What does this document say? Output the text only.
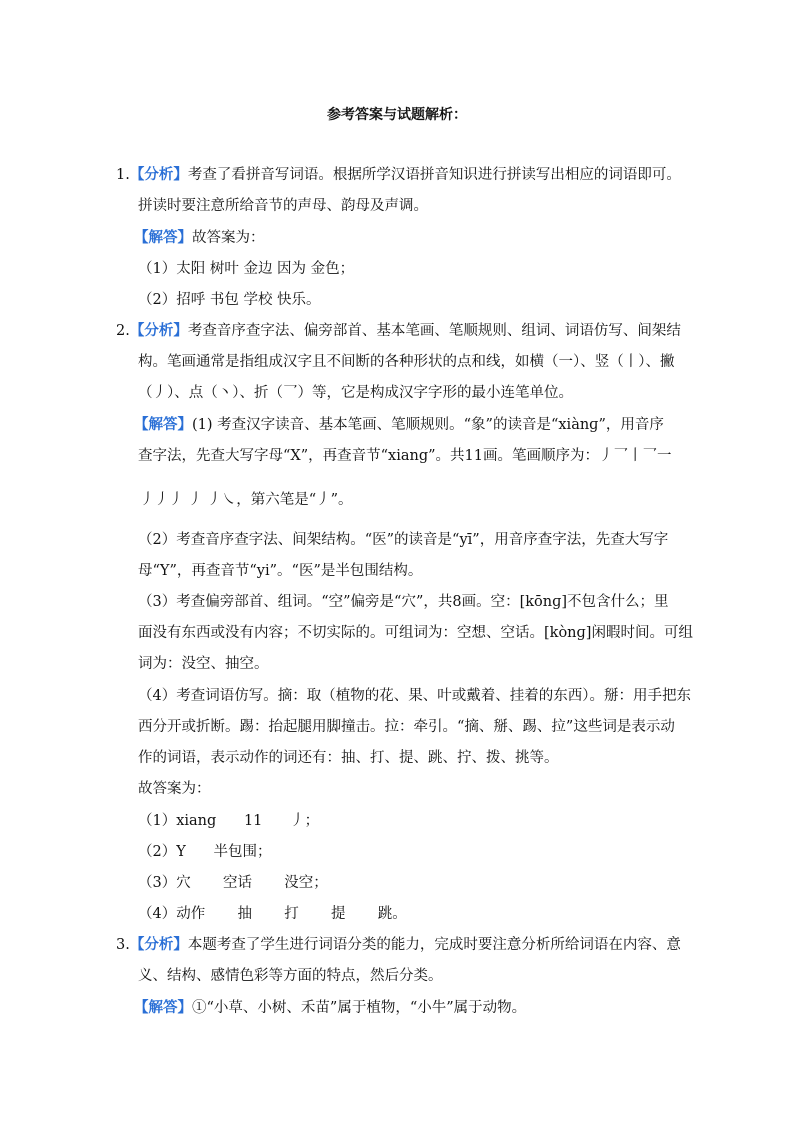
参考答案与试题解析：
1.【分析】考查了看拼音写词语。根据所学汉语拼音知识进行拼读写出相应的词语即可。
拼读时要注意所给音节的声母、韵母及声调。
【解答】故答案为：
（1）太阳 树叶 金边 因为 金色；
（2）招呼 书包 学校 快乐。
2.【分析】考查音序查字法、偏旁部首、基本笔画、笔顺规则、组词、词语仿写、间架结
构。笔画通常是指组成汉字且不间断的各种形状的点和线，如横（一）、竖（丨）、撇
（丿）、点（丶）、折（乛）等，它是构成汉字字形的最小连笔单位。
【解答】(1) 考查汉字读音、基本笔画、笔顺规则。“象”的读音是“xiànɡ”，用音序
查字法，先查大写字母“X”，再查音节“xiang”。共11画。笔画顺序为：丿乛丨乛一
丿丿丿 丿 丿㇏，第六笔是“丿”。
（2）考查音序查字法、间架结构。“医”的读音是“yī”，用音序查字法，先查大写字
母“Y”，再查音节“yi”。“医”是半包围结构。
（3）考查偏旁部首、组词。“空”偏旁是“穴”，共8画。空：[kōnɡ]不包含什么；里
面没有东西或没有内容；不切实际的。可组词为：空想、空话。[kònɡ]闲暇时间。可组
词为：没空、抽空。
（4）考查词语仿写。摘：取（植物的花、果、叶或戴着、挂着的东西）。掰：用手把东
西分开或折断。踢：抬起腿用脚撞击。拉：牵引。“摘、掰、踢、拉”这些词是表示动
作的词语，表示动作的词还有：抽、打、提、跳、拧、拨、挑等。
故答案为：
（1）xiang      11      丿；
（2）Y      半包围；
（3）穴       空话       没空；
（4）动作       抽       打       提       跳。
3.【分析】本题考查了学生进行词语分类的能力，完成时要注意分析所给词语在内容、意
义、结构、感情色彩等方面的特点，然后分类。
【解答】①“小草、小树、禾苗”属于植物，“小牛”属于动物。
